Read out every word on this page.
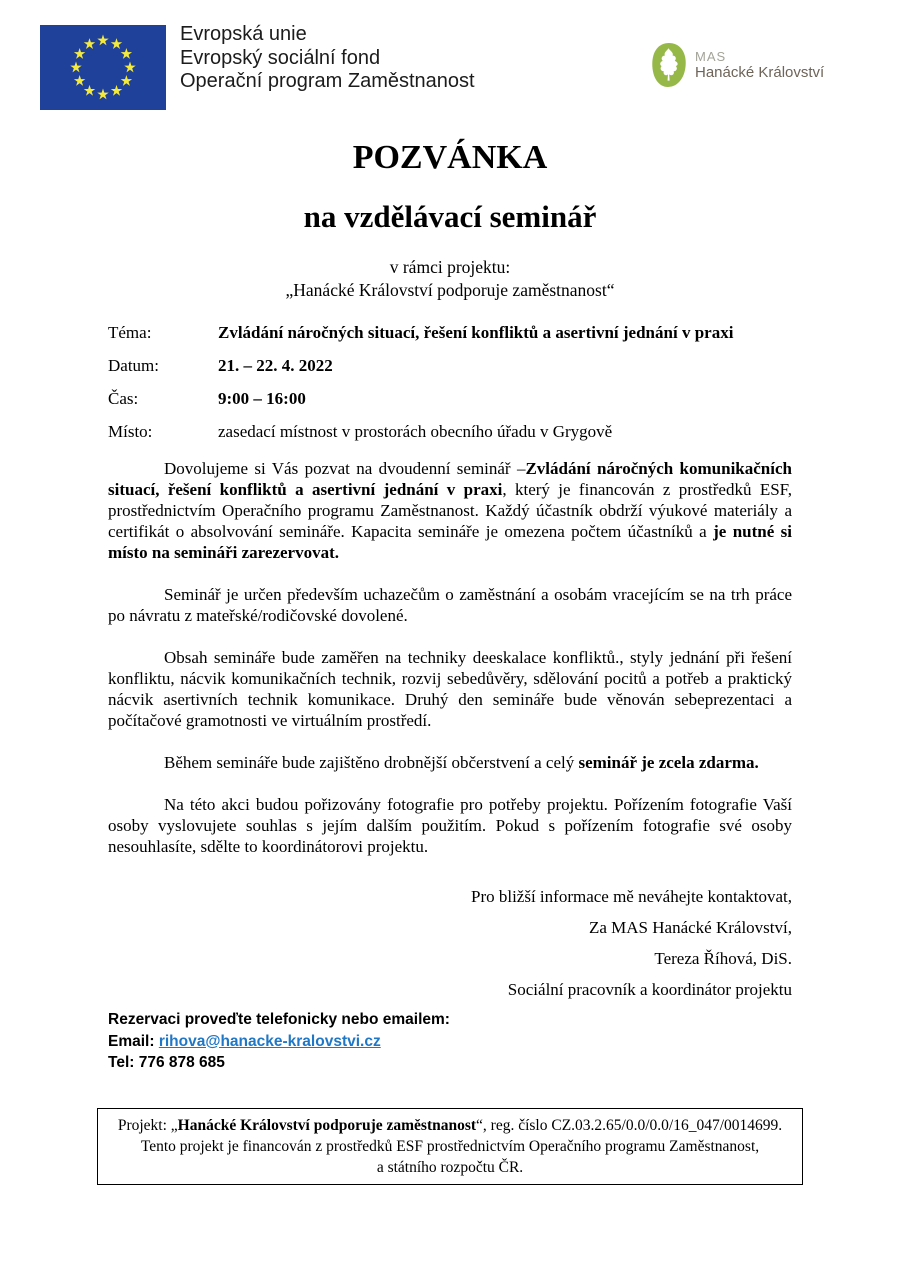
Evropská unie
Evropský sociální fond
Operační program Zaměstnanost
MAS
Hanácké Království
POZVÁNKA
na vzdělávací seminář
v rámci projektu:
„Hanácké Království podporuje zaměstnanost“
Téma:	Zvládání náročných situací, řešení konfliktů a asertivní jednání v praxi
Datum:	21. – 22. 4. 2022
Čas:	9:00 – 16:00
Místo:	zasedací místnost v prostorách obecního úřadu v Grygově

Dovolujeme si Vás pozvat na dvoudenní seminář –Zvládání náročných komunikačních situací, řešení konfliktů a asertivní jednání v praxi, který je financován z prostředků ESF, prostřednictvím Operačního programu Zaměstnanost. Každý účastník obdrží výukové materiály a certifikát o absolvování semináře. Kapacita semináře je omezena počtem účastníků a je nutné si místo na semináři zarezervovat.

Seminář je určen především uchazečům o zaměstnání a osobám vracejícím se na trh práce po návratu z mateřské/rodičovské dovolené.

Obsah semináře bude zaměřen na techniky deeskalace konfliktů., styly jednání při řešení konfliktu, nácvik komunikačních technik, rozvij sebedůvěry, sdělování pocitů a potřeb a praktický nácvik asertivních technik komunikace. Druhý den semináře bude věnován sebeprezentaci a počítačové gramotnosti ve virtuálním prostředí.

Během semináře bude zajištěno drobnější občerstvení a celý seminář je zcela zdarma.

Na této akci budou pořizovány fotografie pro potřeby projektu. Pořízením fotografie Vaší osoby vyslovujete souhlas s jejím dalším použitím. Pokud s pořízením fotografie své osoby nesouhlasíte, sdělte to koordinátorovi projektu.

Pro bližší informace mě neváhejte kontaktovat,
Za MAS Hanácké Království,
Tereza Říhová, DiS.
Sociální pracovník a koordinátor projektu
Rezervaci proveďte telefonicky nebo emailem:
Email: rihova@hanacke-kralovstvi.cz
Tel: 776 878 685
Projekt: „Hanácké Království podporuje zaměstnanost“, reg. číslo CZ.03.2.65/0.0/0.0/16_047/0014699.
Tento projekt je financován z prostředků ESF prostřednictvím Operačního programu Zaměstnanost,
a státního rozpočtu ČR.
